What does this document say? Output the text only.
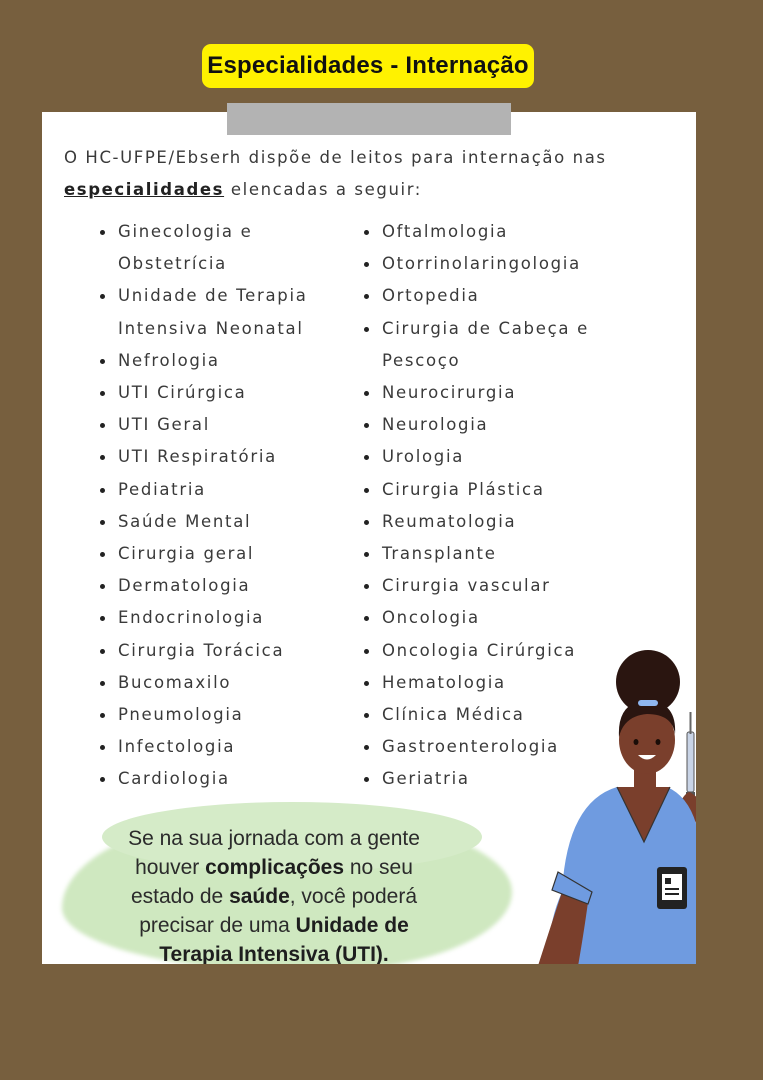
Especialidades - Internação

O HC-UFPE/Ebserh dispõe de leitos para internação nas especialidades elencadas a seguir:

Ginecologia e Obstetrícia
Unidade de Terapia Intensiva Neonatal
Nefrologia
UTI Cirúrgica
UTI Geral
UTI Respiratória
Pediatria
Saúde Mental
Cirurgia geral
Dermatologia
Endocrinologia
Cirurgia Torácica
Bucomaxilo
Pneumologia
Infectologia
Cardiologia
Oftalmologia
Otorrinolaringologia
Ortopedia
Cirurgia de Cabeça e Pescoço
Neurocirurgia
Neurologia
Urologia
Cirurgia Plástica
Reumatologia
Transplante
Cirurgia vascular
Oncologia
Oncologia Cirúrgica
Hematologia
Clínica Médica
Gastroenterologia
Geriatria

Se na sua jornada com a gente houver complicações no seu estado de saúde, você poderá precisar de uma Unidade de Terapia Intensiva (UTI).
